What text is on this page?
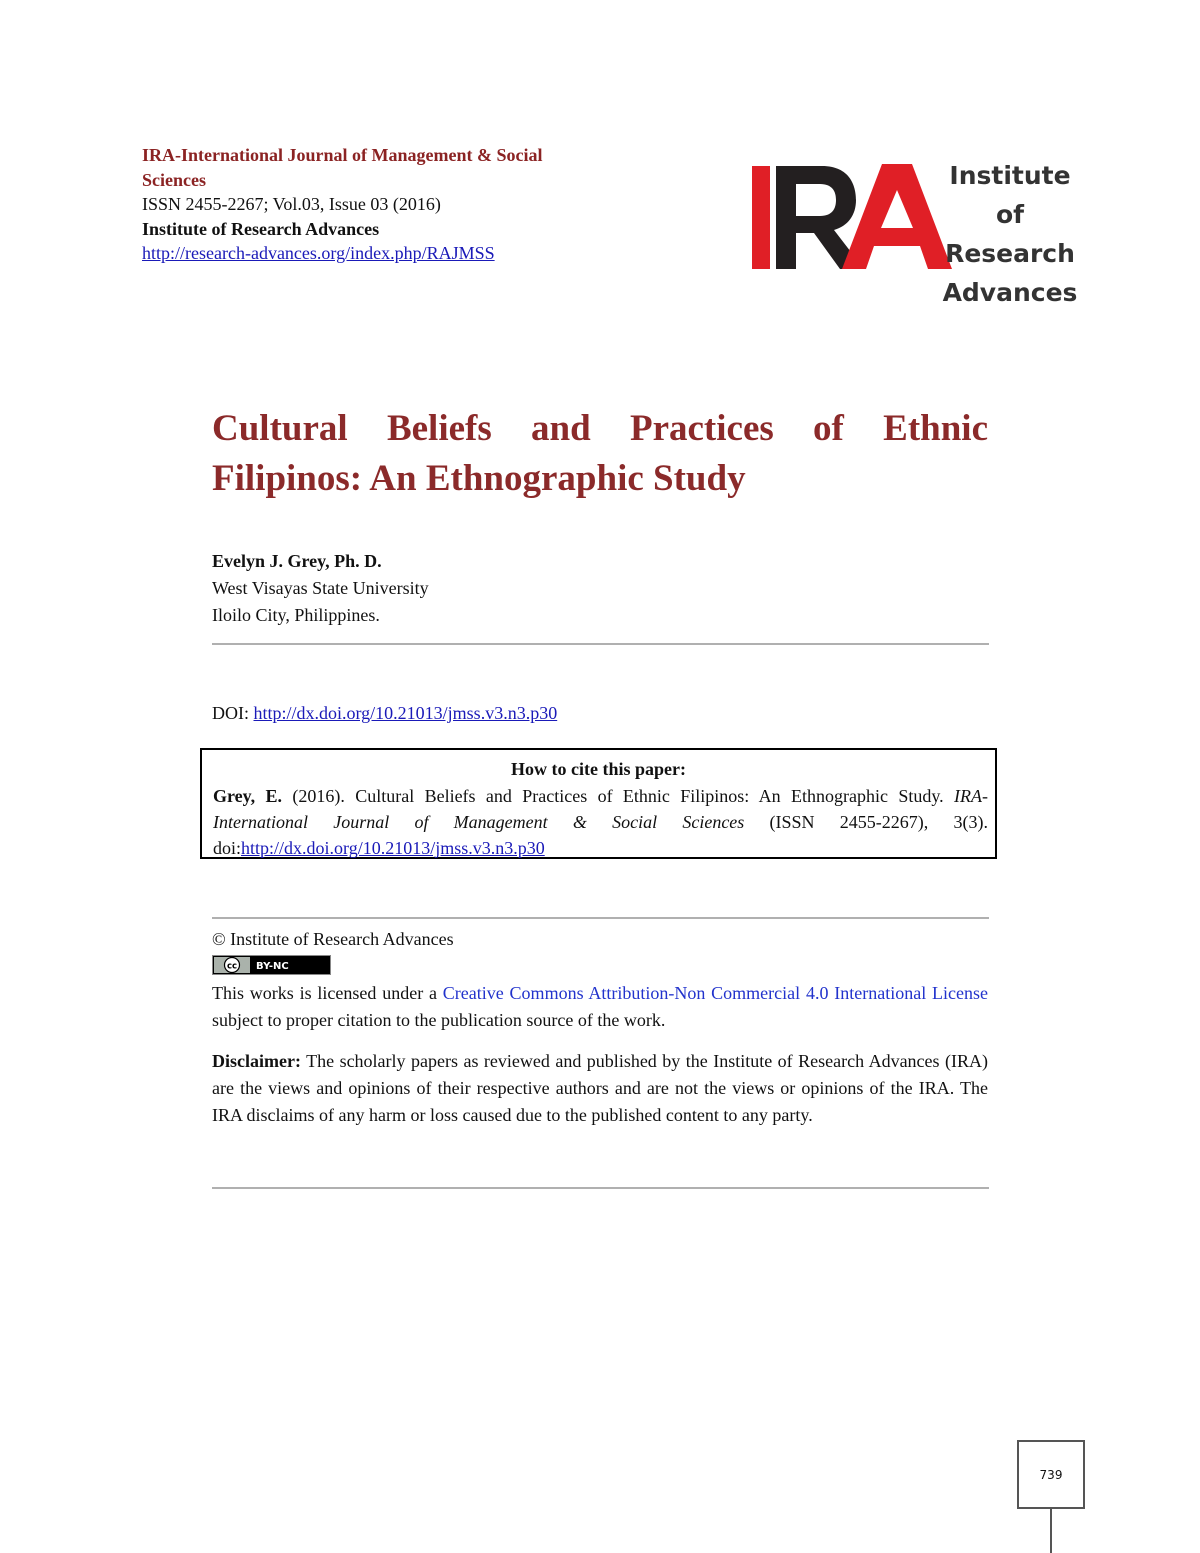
IRA-International Journal of Management & Social Sciences
ISSN 2455-2267; Vol.03, Issue 03 (2016)
Institute of Research Advances
http://research-advances.org/index.php/RAJMSS
Institute of
Research
Advances
Cultural Beliefs and Practices of Ethnic Filipinos: An Ethnographic Study
Evelyn J. Grey, Ph. D.
West Visayas State University
Iloilo City, Philippines.
DOI: http://dx.doi.org/10.21013/jmss.v3.n3.p30
How to cite this paper:
Grey, E. (2016). Cultural Beliefs and Practices of Ethnic Filipinos: An Ethnographic Study. IRA-International Journal of Management & Social Sciences (ISSN 2455-2267), 3(3). doi:http://dx.doi.org/10.21013/jmss.v3.n3.p30
© Institute of Research Advances
cc BY-NC
This works is licensed under a Creative Commons Attribution-Non Commercial 4.0 International License subject to proper citation to the publication source of the work.
Disclaimer: The scholarly papers as reviewed and published by the Institute of Research Advances (IRA) are the views and opinions of their respective authors and are not the views or opinions of the IRA. The IRA disclaims of any harm or loss caused due to the published content to any party.
739
